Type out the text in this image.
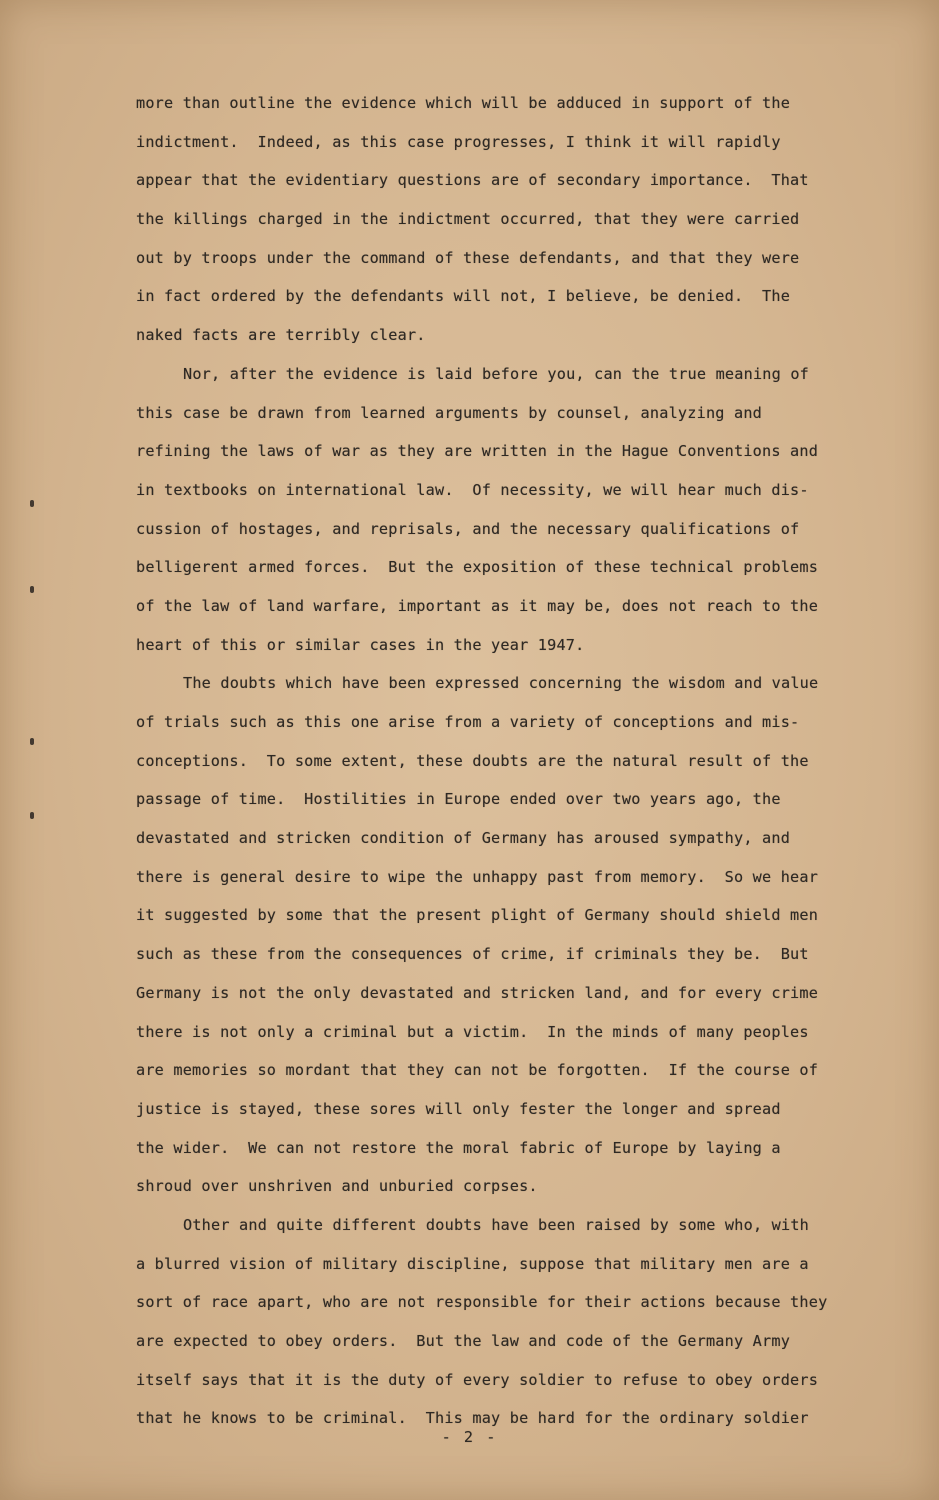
more than outline the evidence which will be adduced in support of the
indictment.  Indeed, as this case progresses, I think it will rapidly
appear that the evidentiary questions are of secondary importance.  That
the killings charged in the indictment occurred, that they were carried
out by troops under the command of these defendants, and that they were
in fact ordered by the defendants will not, I believe, be denied.  The
naked facts are terribly clear.
Nor, after the evidence is laid before you, can the true meaning of
this case be drawn from learned arguments by counsel, analyzing and
refining the laws of war as they are written in the Hague Conventions and
in textbooks on international law.  Of necessity, we will hear much dis-
cussion of hostages, and reprisals, and the necessary qualifications of
belligerent armed forces.  But the exposition of these technical problems
of the law of land warfare, important as it may be, does not reach to the
heart of this or similar cases in the year 1947.
The doubts which have been expressed concerning the wisdom and value
of trials such as this one arise from a variety of conceptions and mis-
conceptions.  To some extent, these doubts are the natural result of the
passage of time.  Hostilities in Europe ended over two years ago, the
devastated and stricken condition of Germany has aroused sympathy, and
there is general desire to wipe the unhappy past from memory.  So we hear
it suggested by some that the present plight of Germany should shield men
such as these from the consequences of crime, if criminals they be.  But
Germany is not the only devastated and stricken land, and for every crime
there is not only a criminal but a victim.  In the minds of many peoples
are memories so mordant that they can not be forgotten.  If the course of
justice is stayed, these sores will only fester the longer and spread
the wider.  We can not restore the moral fabric of Europe by laying a
shroud over unshriven and unburied corpses.
Other and quite different doubts have been raised by some who, with
a blurred vision of military discipline, suppose that military men are a
sort of race apart, who are not responsible for their actions because they
are expected to obey orders.  But the law and code of the Germany Army
itself says that it is the duty of every soldier to refuse to obey orders
that he knows to be criminal.  This may be hard for the ordinary soldier
- 2 -
